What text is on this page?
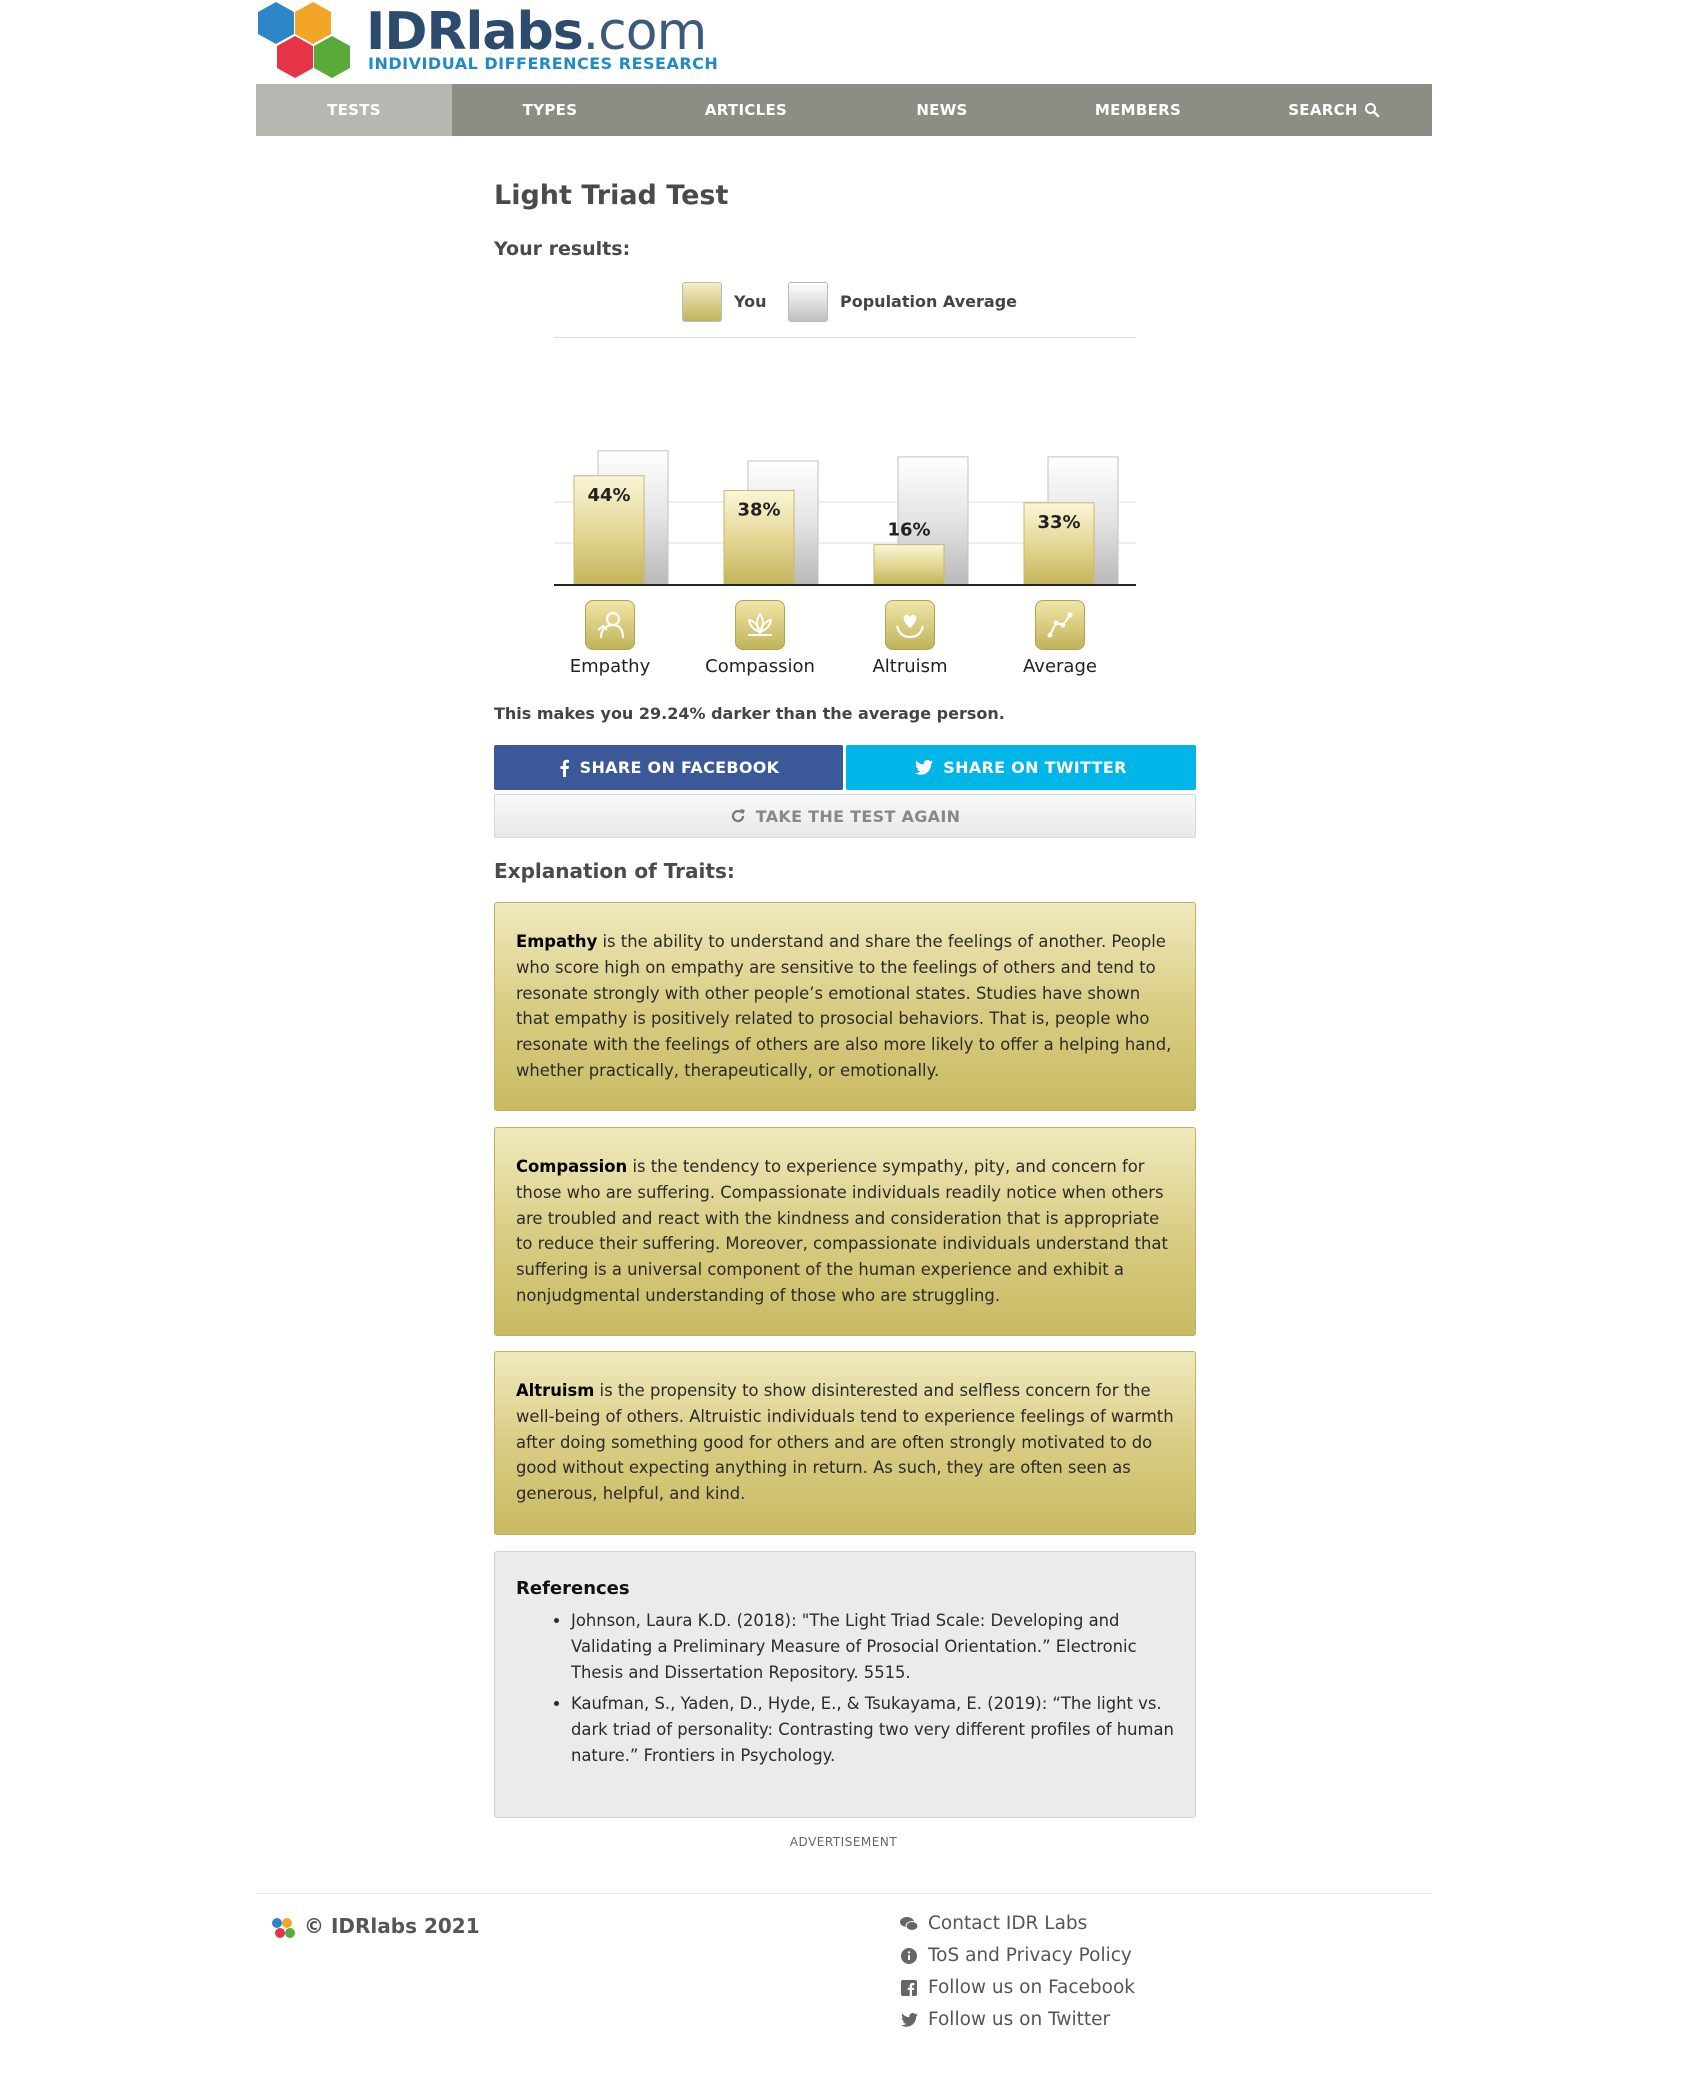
IDRlabs.com
INDIVIDUAL DIFFERENCES RESEARCH
TESTS	TYPES	ARTICLES	NEWS	MEMBERS	SEARCH
Light Triad Test
Your results:
You	Population Average
44%
38%
16%	33%
Empathy	Compassion	Altruism	Average
This makes you 29.24% darker than the average person.
SHARE ON FACEBOOK	SHARE ON TWITTER
TAKE THE TEST AGAIN
Explanation of Traits:
Empathy is the ability to understand and share the feelings of another. People who score high on empathy are sensitive to the feelings of others and tend to resonate strongly with other people’s emotional states. Studies have shown that empathy is positively related to prosocial behaviors. That is, people who resonate with the feelings of others are also more likely to offer a helping hand, whether practically, therapeutically, or emotionally.
Compassion is the tendency to experience sympathy, pity, and concern for those who are suffering. Compassionate individuals readily notice when others are troubled and react with the kindness and consideration that is appropriate to reduce their suffering. Moreover, compassionate individuals understand that suffering is a universal component of the human experience and exhibit a nonjudgmental understanding of those who are struggling.
Altruism is the propensity to show disinterested and selfless concern for the well-being of others. Altruistic individuals tend to experience feelings of warmth after doing something good for others and are often strongly motivated to do good without expecting anything in return. As such, they are often seen as generous, helpful, and kind.
References
• Johnson, Laura K.D. (2018): "The Light Triad Scale: Developing and Validating a Preliminary Measure of Prosocial Orientation.” Electronic Thesis and Dissertation Repository. 5515.
• Kaufman, S., Yaden, D., Hyde, E., & Tsukayama, E. (2019): “The light vs. dark triad of personality: Contrasting two very different profiles of human nature.” Frontiers in Psychology.
ADVERTISEMENT
© IDRlabs 2021	Contact IDR Labs
ToS and Privacy Policy
Follow us on Facebook
Follow us on Twitter
